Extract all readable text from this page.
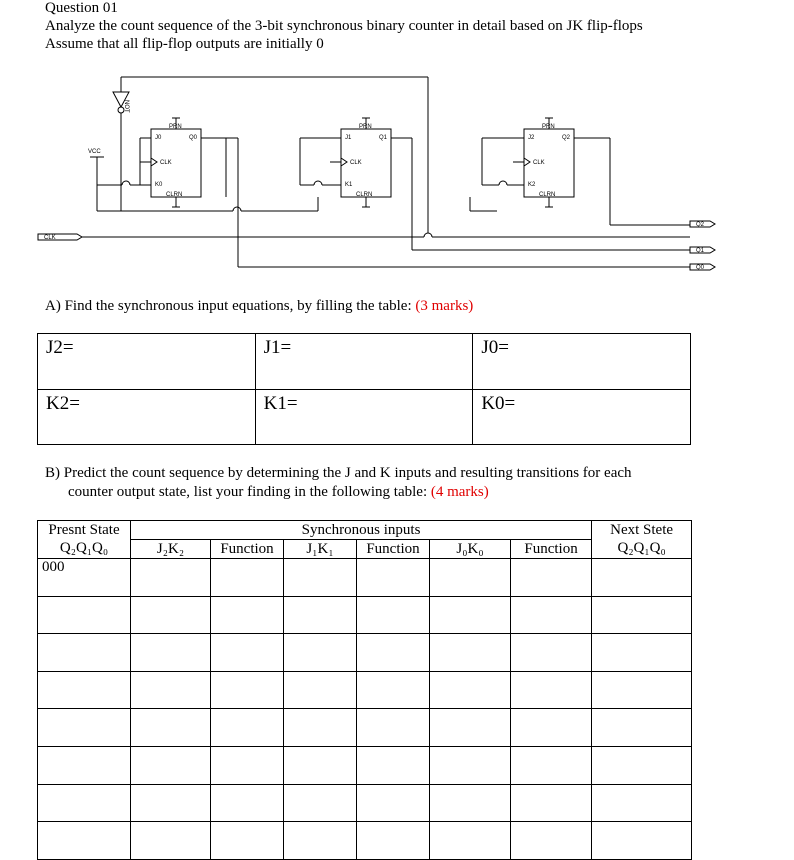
Question 01
Analyze the count sequence of the 3-bit synchronous binary counter in detail based on JK flip-flops
Assume that all flip-flop outputs are initially 0
NOT
VCC
CLK
PRN
J0	Q0
CLK
K0
CLRN
PRN
J1	Q1
CLK
K1
CLRN
PRN
J2	Q2
CLK
K2
CLRN
Q2
Q1
Q0
A) Find the synchronous input equations, by filling the table: (3 marks)
J2=	J1=	J0=
K2=	K1=	K0=
B) Predict the count sequence by determining the J and K inputs and resulting transitions for each
counter output state, list your finding in the following table: (4 marks)
Presnt State	Synchronous inputs						Next Stete
Q₂Q₁Q₀	J₂K₂	Function	J₁K₁	Function	J₀K₀	Function	Q₂Q₁Q₀
000							
